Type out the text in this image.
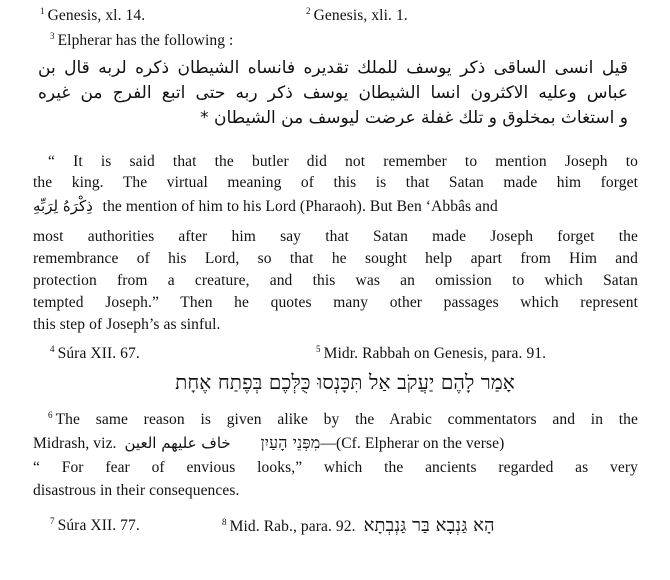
$^1$ Genesis, xl. 14.	$^2$ Genesis, xli. 1.
$^3$ Elpherar has the following :
قيل انسى الساقى ذكر يوسف للملك تقديره فانساه الشيطان ذكره لربه قال بن
عباس وعليه الاكثرون انسا الشيطان يوسف ذكر ربه حتى اتبع الفرج من غيره
و استغاث بمخلوق و تلك غفلة عرضت ليوسف من الشيطان *
“ It is said that the butler did not remember to mention Joseph to
the king. The virtual meaning of this is that Satan made him forget
ذِكْرَهُ لِرَبِّهِ the mention of him to his Lord (Pharaoh). But Ben ‘Abbâs and
most authorities after him say that Satan made Joseph forget the
remembrance of his Lord, so that he sought help apart from Him and
protection from a creature, and this was an omission to which Satan
tempted Joseph.” Then he quotes many other passages which represent
this step of Joseph’s as sinful.
$^4$ Súra XII. 67.	$^5$ Midr. Rabbah on Genesis, para. 91.
אָמַר לָהֶם יַעֲקֹב אַל תִּכָּנְסוּ כֻּלְּכֶם בְּפֶתַח אֶחָת
$^6$ The same reason is given alike by the Arabic commentators and in the
Midrash, viz. خاف عليهم العين מִפְּנֵי הָעַיִן—(Cf. Elpherar on the verse)
“ For fear of envious looks,” which the ancients regarded as very
disastrous in their consequences.
$^7$ Súra XII. 77.	$^8$ Mid. Rab., para. 92. הָא גַּנְבָא בַּר גַּנְבְתָא
